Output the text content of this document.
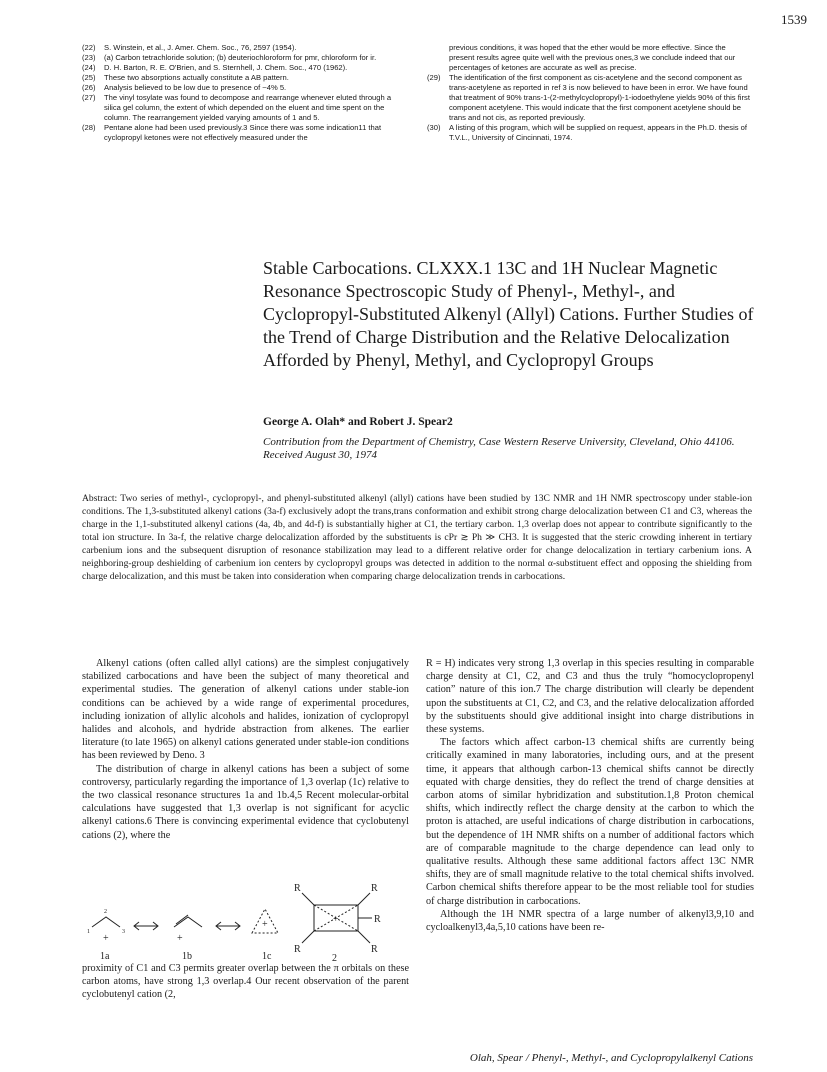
1539
(22)	S. Winstein, et al., J. Amer. Chem. Soc., 76, 2597 (1954).
(23)	(a) Carbon tetrachloride solution; (b) deuteriochloroform for pmr, chloroform for ir.
(24)	D. H. Barton, R. E. O'Brien, and S. Sternhell, J. Chem. Soc., 470 (1962).
(25)	These two absorptions actually constitute a AB pattern.
(26)	Analysis believed to be low due to presence of ~4% 5.
(27)	The vinyl tosylate was found to decompose and rearrange whenever eluted through a silica gel column, the extent of which depended on the eluent and time spent on the column. The rearrangement yielded varying amounts of 1 and 5.
(28)	Pentane alone had been used previously.3 Since there was some indication11 that cyclopropyl ketones were not effectively measured under the
previous conditions, it was hoped that the ether would be more effective. Since the present results agree quite well with the previous ones,3 we conclude indeed that our percentages of ketones are accurate as well as precise.
(29)	The identification of the first component as cis-acetylene and the second component as trans-acetylene as reported in ref 3 is now believed to have been in error. We have found that treatment of 90% trans-1-(2-methylcyclopropyl)-1-iodoethylene yields 90% of this first component acetylene. This would indicate that the first component acetylene should be trans and not cis, as reported previously.
(30)	A listing of this program, which will be supplied on request, appears in the Ph.D. thesis of T.V.L., University of Cincinnati, 1974.
Stable Carbocations. CLXXX.1 13C and 1H Nuclear Magnetic Resonance Spectroscopic Study of Phenyl-, Methyl-, and Cyclopropyl-Substituted Alkenyl (Allyl) Cations. Further Studies of the Trend of Charge Distribution and the Relative Delocalization Afforded by Phenyl, Methyl, and Cyclopropyl Groups
George A. Olah* and Robert J. Spear2
Contribution from the Department of Chemistry, Case Western Reserve University, Cleveland, Ohio 44106. Received August 30, 1974

Abstract: Two series of methyl-, cyclopropyl-, and phenyl-substituted alkenyl (allyl) cations have been studied by 13C NMR and 1H NMR spectroscopy under stable-ion conditions. The 1,3-substituted alkenyl cations (3a-f) exclusively adopt the trans,trans conformation and exhibit strong charge delocalization between C1 and C3, whereas the charge in the 1,1-substituted alkenyl cations (4a, 4b, and 4d-f) is substantially higher at C1, the tertiary carbon. 1,3 overlap does not appear to contribute significantly to the total ion structure. In 3a-f, the relative charge delocalization afforded by the substituents is cPr ≳ Ph ≫ CH3. It is suggested that the steric crowding inherent in tertiary carbenium ions and the subsequent disruption of resonance stabilization may lead to a different relative order for change delocalization in tertiary carbenium ions. A neighboring-group deshielding of carbenium ion centers by cyclopropyl groups was detected in addition to the normal α-substituent effect and opposing the shielding from charge delocalization, and this must be taken into consideration when comparing charge delocalization trends in carbocations.

Alkenyl cations (often called allyl cations) are the simplest conjugatively stabilized carbocations and have been the subject of many theoretical and experimental studies. The generation of alkenyl cations under stable-ion conditions can be achieved by a wide range of experimental procedures, including ionization of allylic alcohols and halides, ionization of cyclopropyl halides and alcohols, and hydride abstraction from alkenes. The earlier literature (to late 1965) on alkenyl cations generated under stable-ion conditions has been reviewed by Deno. 3

The distribution of charge in alkenyl cations has been a subject of some controversy, particularly regarding the importance of 1,3 overlap (1c) relative to the two classical resonance structures 1a and 1b.4,5 Recent molecular-orbital calculations have suggested that 1,3 overlap is not significant for acyclic alkenyl cations.6 There is convincing experimental evidence that cyclobutenyl cations (2), where the

proximity of C1 and C3 permits greater overlap between the π orbitals on these carbon atoms, have strong 1,3 overlap.4 Our recent observation of the parent cyclobutenyl cation (2,

R = H) indicates very strong 1,3 overlap in this species resulting in comparable charge density at C1, C2, and C3 and thus the truly “homocyclopropenyl cation” nature of this ion.7 The charge distribution will clearly be dependent upon the substituents at C1, C2, and C3, and the relative delocalization afforded by the substituents should give additional insight into charge distributions in these systems.

The factors which affect carbon-13 chemical shifts are currently being critically examined in many laboratories, including ours, and at the present time, it appears that although carbon-13 chemical shifts cannot be directly equated with charge densities, they do reflect the trend of charge densities at carbon atoms of similar hybridization and substitution.1,8 Proton chemical shifts, which indirectly reflect the charge density at the carbon to which the proton is attached, are useful indications of charge distribution in carbocations, but the dependence of 1H NMR shifts on a number of additional factors which are of comparable magnitude to the charge dependence can lead only to qualitative results. Although these same additional factors affect 13C NMR shifts, they are of small magnitude relative to the total chemical shifts involved. Carbon chemical shifts therefore appear to be the most reliable tool for studies of charge distribution in carbocations.

Although the 1H NMR spectra of a large number of alkenyl3,9,10 and cycloalkenyl3,4a,5,10 cations have been re-

1a	1b	1c	2
+	+
+
R	R
R
R	R
+
1
2
3
Olah, Spear / Phenyl-, Methyl-, and Cyclopropylalkenyl Cations
